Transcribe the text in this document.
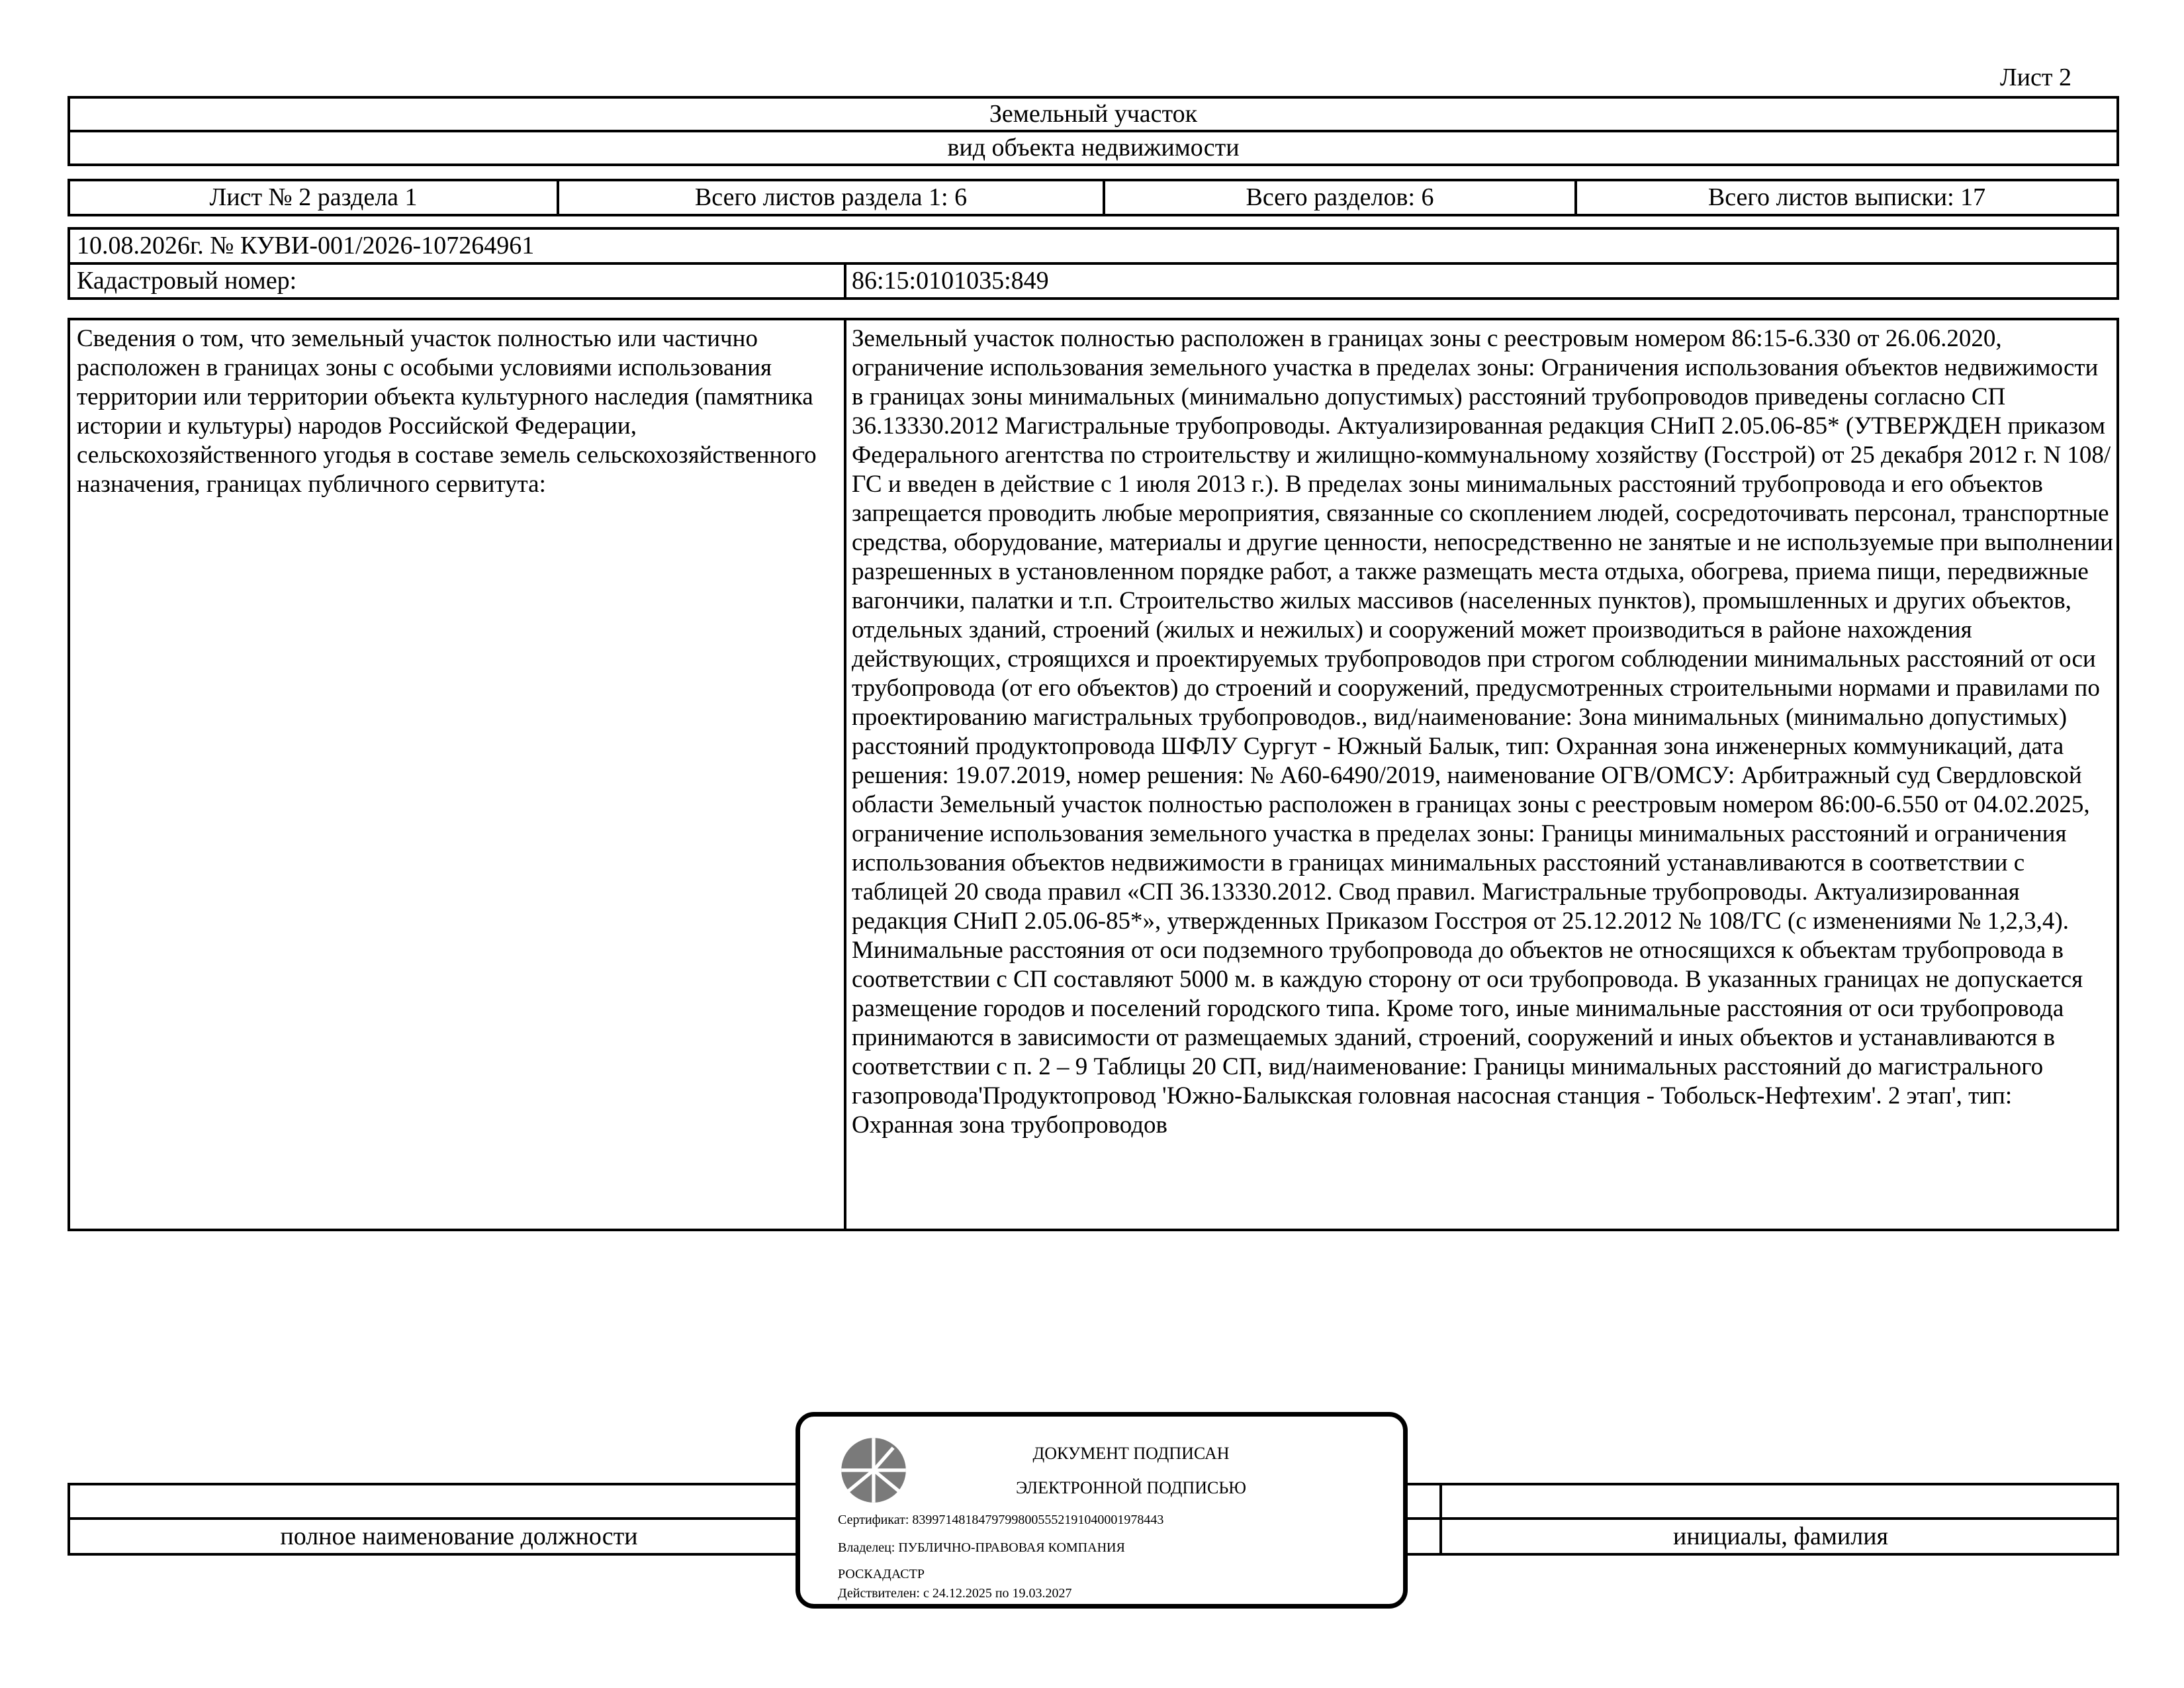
Лист 2
Земельный участок
вид объекта недвижимости
Лист № 2 раздела 1	Всего листов раздела 1: 6	Всего разделов: 6	Всего листов выписки: 17
10.08.2026г. № КУВИ-001/2026-107264961
Кадастровый номер:	86:15:0101035:849
Сведения о том, что земельный участок полностью или частично расположен в границах зоны с особыми условиями использования территории или территории объекта культурного наследия (памятника истории и культуры) народов Российской Федерации, сельскохозяйственного угодья в составе земель сельскохозяйственного назначения, границах публичного сервитута:
Земельный участок полностью расположен в границах зоны с реестровым номером 86:15-6.330 от 26.06.2020, ограничение использования земельного участка в пределах зоны: Ограничения использования объектов недвижимости в границах зоны минимальных (минимально допустимых) расстояний трубопроводов приведены согласно СП 36.13330.2012 Магистральные трубопроводы. Актуализированная редакция СНиП 2.05.06-85* (УТВЕРЖДЕН приказом Федерального агентства по строительству и жилищно-коммунальному хозяйству (Госстрой) от 25 декабря 2012 г. N 108/ГС и введен в действие с 1 июля 2013 г.). В пределах зоны минимальных расстояний трубопровода и его объектов запрещается проводить любые мероприятия, связанные со скоплением людей, сосредоточивать персонал, транспортные средства, оборудование, материалы и другие ценности, непосредственно не занятые и не используемые при выполнении разрешенных в установленном порядке работ, а также размещать места отдыха, обогрева, приема пищи, передвижные вагончики, палатки и т.п. Строительство жилых массивов (населенных пунктов), промышленных и других объектов, отдельных зданий, строений (жилых и нежилых) и сооружений может производиться в районе нахождения действующих, строящихся и проектируемых трубопроводов при строгом соблюдении минимальных расстояний от оси трубопровода (от его объектов) до строений и сооружений, предусмотренных строительными нормами и правилами по проектированию магистральных трубопроводов., вид/наименование: Зона минимальных (минимально допустимых) расстояний продуктопровода ШФЛУ Сургут - Южный Балык, тип: Охранная зона инженерных коммуникаций, дата решения: 19.07.2019, номер решения: № А60-6490/2019, наименование ОГВ/ОМСУ: Арбитражный суд Свердловской области Земельный участок полностью расположен в границах зоны с реестровым номером 86:00-6.550 от 04.02.2025, ограничение использования земельного участка в пределах зоны: Границы минимальных расстояний и ограничения использования объектов недвижимости в границах минимальных расстояний устанавливаются в соответствии с таблицей 20 свода правил «СП 36.13330.2012. Свод правил. Магистральные трубопроводы. Актуализированная редакция СНиП 2.05.06-85*», утвержденных Приказом Госстроя от 25.12.2012 № 108/ГС (с изменениями № 1,2,3,4). Минимальные расстояния от оси подземного трубопровода до объектов не относящихся к объектам трубопровода в соответствии с СП составляют 5000 м. в каждую сторону от оси трубопровода. В указанных границах не допускается размещение городов и поселений городского типа. Кроме того, иные минимальные расстояния от оси трубопровода принимаются в зависимости от размещаемых зданий, строений, сооружений и иных объектов и устанавливаются в соответствии с п. 2 – 9 Таблицы 20 СП, вид/наименование: Границы минимальных расстояний до магистрального газопровода'Продуктопровод 'Южно-Балыкская головная насосная станция - Тобольск-Нефтехим'. 2 этап', тип: Охранная зона трубопроводов
полное наименование должности	инициалы, фамилия
ДОКУМЕНТ ПОДПИСАН
ЭЛЕКТРОННОЙ ПОДПИСЬЮ
Сертификат: 83997148184797998005552191040001978443
Владелец: ПУБЛИЧНО-ПРАВОВАЯ КОМПАНИЯ
РОСКАДАСТР
Действителен: с 24.12.2025 по 19.03.2027
